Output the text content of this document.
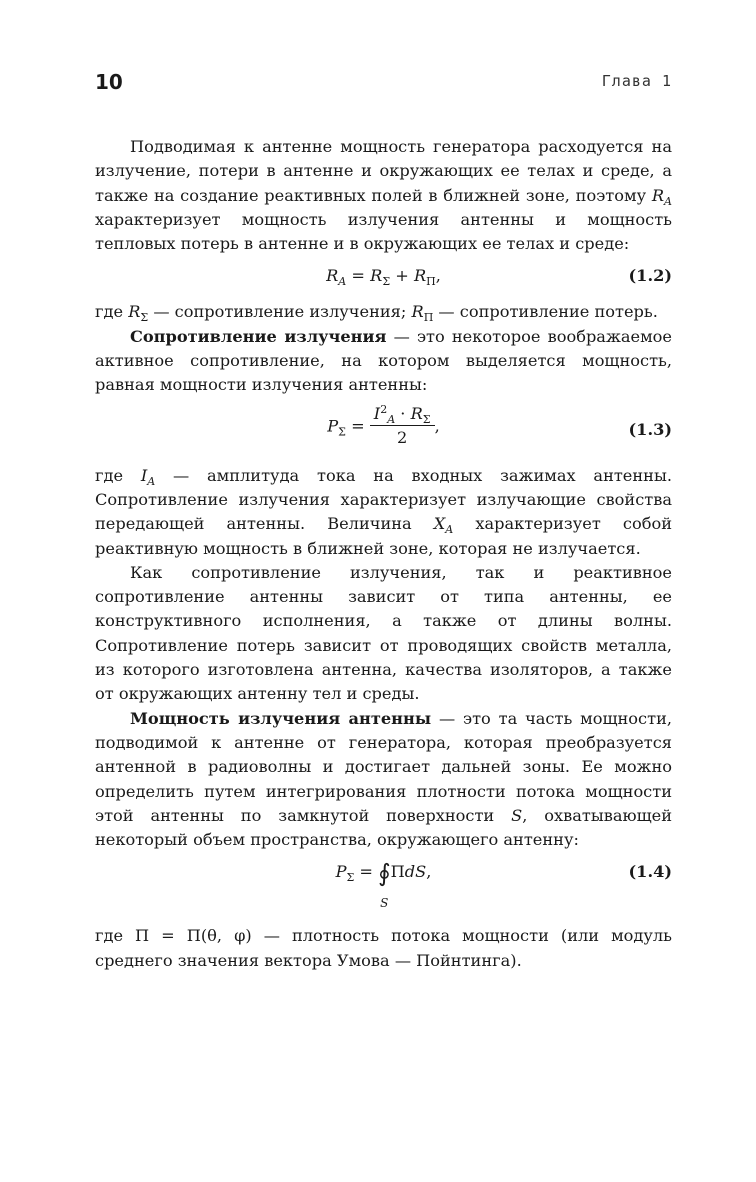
10	Глава 1

Подводимая к антенне мощность генератора расходуется на излучение, потери в антенне и окружающих ее телах и среде, а также на создание реактивных полей в ближней зоне, поэтому $R_A$ характеризует мощность излучения антенны и мощность тепловых потерь в антенне и в окружающих ее телах и среде:

$R_A = R_\Sigma + R_П$,	(1.2)

где $R_\Sigma$ — сопротивление излучения; $R_П$ — сопротивление потерь.

Сопротивление излучения — это некоторое воображаемое активное сопротивление, на котором выделяется мощность, равная мощности излучения антенны:

$P_\Sigma = \frac{I^2_A \cdot R_\Sigma}{2}$ ,	(1.3)

где $I_A$ — амплитуда тока на входных зажимах антенны. Сопротивление излучения характеризует излучающие свойства передающей антенны. Величина $X_A$ характеризует собой реактивную мощность в ближней зоне, которая не излучается.

Как сопротивление излучения, так и реактивное сопротивление антенны зависит от типа антенны, ее конструктивного исполнения, а также от длины волны. Сопротивление потерь зависит от проводящих свойств металла, из которого изготовлена антенна, качества изоляторов, а также от окружающих антенну тел и среды.

Мощность излучения антенны — это та часть мощности, подводимой к антенне от генератора, которая преобразуется антенной в радиоволны и достигает дальней зоны. Ее можно определить путем интегрирования плотности потока мощности этой антенны по замкнутой поверхности S, охватывающей некоторый объем пространства, окружающего антенну:

$P_\Sigma$ = ∮
S
ПdS,	(1.4)

где П = П(θ, φ) — плотность потока мощности (или модуль среднего значения вектора Умова — Пойнтинга).
